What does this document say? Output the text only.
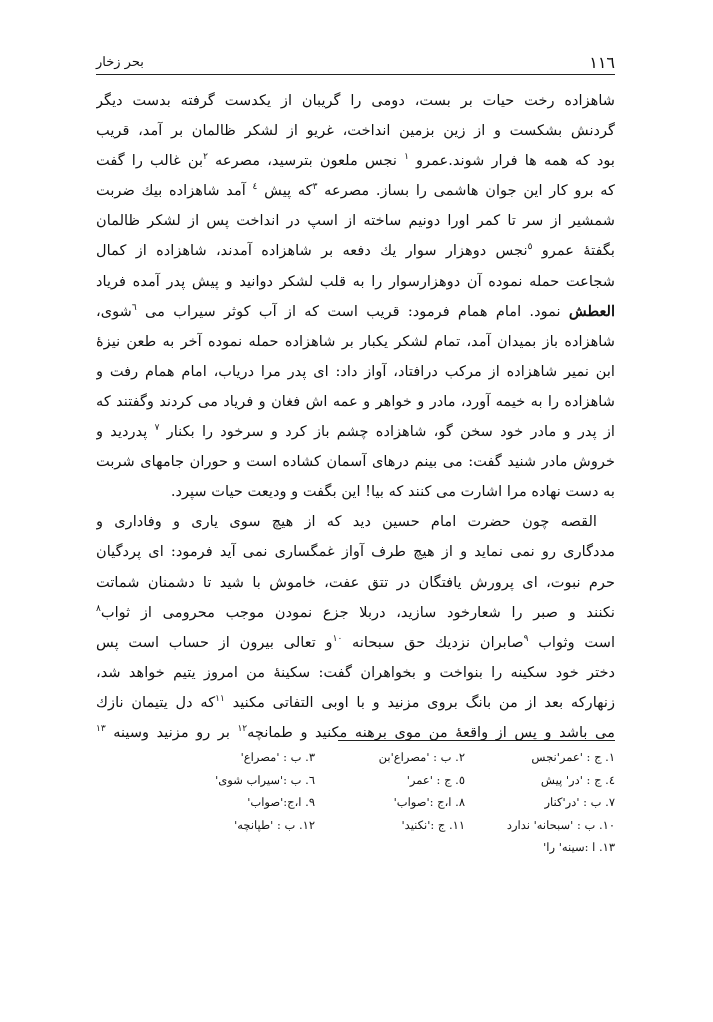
١١٦
بحر زخار
شاهزاده رخت حیات بر بست، دومی را گریبان از یکدست گرفته بدست دیگر
گردنش بشکست و از زین بزمین انداخت، غریو از لشکر ظالمان بر آمد، قریب
بود که همه ها فرار شوند.عمرو $^١$ نجس ملعون بترسید، مصرعه $^٢$بن غالب را گفت
که برو کار این جوان هاشمی را بساز. مصرعه $^٣$که پیش $^٤$ آمد شاهزاده بیك ضربت
شمشیر از سر تا کمر اورا دونیم ساخته از اسپ در انداخت پس از لشکر ظالمان
بگفتهٔ عمرو $^٥$نجس دوهزار سوار یك دفعه بر شاهزاده آمدند، شاهزاده از کمال
شجاعت حمله نموده آن دوهزارسوار را به قلب لشکر دوانید و پیش پدر آمده فریاد
العطش نمود. امام همام فرمود: قریب است که از آب کوثر سیراب می $^٦$شوی،
شاهزاده باز بمیدان آمد، تمام لشکر یکبار بر شاهزاده حمله نموده آخر به طعن نیزهٔ
ابن نمیر شاهزاده از مرکب درافتاد، آواز داد: ای پدر مرا دریاب، امام همام رفت و
شاهزاده را به خیمه آورد، مادر و خواهر و عمه اش فغان و فریاد می کردند وگفتند که
از پدر و مادر خود سخن گو، شاهزاده چشم باز کرد و سرخود را بکنار $^٧$ پدردید و
خروش مادر شنید گفت: می بینم درهای آسمان کشاده است و حوران جامهای شربت
به دست نهاده مرا اشارت می کنند که بیا! این بگفت و ودیعت حیات سپرد.
القصه چون حضرت امام حسین دید که از هیچ سوی یاری و وفاداری و
مددگاری رو نمی نماید و از هیچ طرف آواز غمگساری نمی آید فرمود: ای پردگیان
حرم نبوت، ای پرورش یافتگان در تتق عفت، خاموش با شید تا دشمنان شماتت
نکنند و صبر را شعارخود سازید، دربلا جزع نمودن موجب محرومی از ثواب$^٨$
است وثواب $^٩$صابران نزدیك حق سبحانه $^{١٠}$و تعالی بیرون از حساب است پس
دختر خود سکینه را بنواخت و بخواهران گفت: سکینهٔ من امروز یتیم خواهد شد،
زنهارکه بعد از من بانگ بروی مزنید و با اوبی التفاتی مکنید $^{١١}$که دل یتیمان نازك
می باشد و پس از واقعهٔ من موی برهنه مکنید و طمانچه$^{١٢}$ بر رو مزنید وسینه $^{١٣}$
١. ج : 'عمر'نجس
٢. ب : 'مصراع'بن
٣. ب : 'مصراع'
٤. ج : 'در' پیش
٥. ج : 'عمر'
٦. ب :'سیراب شوی'
٧. ب : 'در'کنار
٨. ا،ج :'صواب'
٩. ا،ج:'صواب'
١٠. ب : 'سبحانه' ندارد
١١. ج :'نکنید'
١٢. ب : 'طپانچه'
١٣. ا :سینه' را'
